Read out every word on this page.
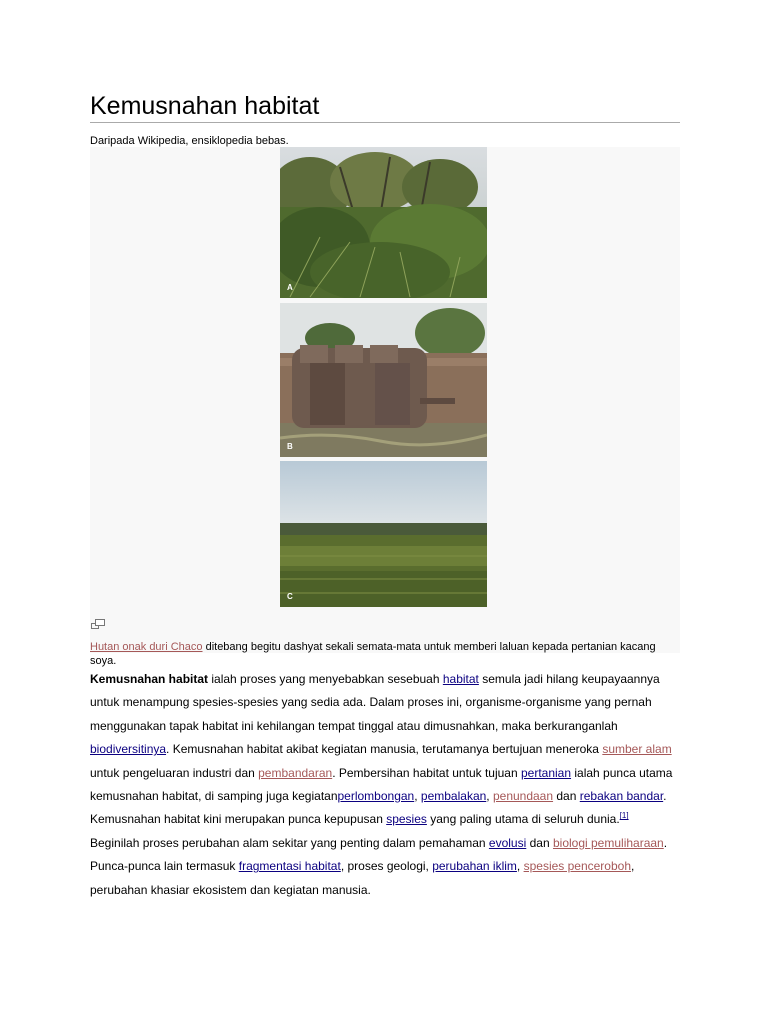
Kemusnahan habitat
Daripada Wikipedia, ensiklopedia bebas.
A
B
C
Hutan onak duri Chaco ditebang begitu dashyat sekali semata-mata untuk memberi laluan kepada pertanian kacang soya.

Kemusnahan habitat ialah proses yang menyebabkan sesebuah habitat semula jadi hilang keupayaannya untuk menampung spesies-spesies yang sedia ada. Dalam proses ini, organisme-organisme yang pernah menggunakan tapak habitat ini kehilangan tempat tinggal atau dimusnahkan, maka berkuranganlah biodiversitinya. Kemusnahan habitat akibat kegiatan manusia, terutamanya bertujuan meneroka sumber alam untuk pengeluaran industri dan pembandaran. Pembersihan habitat untuk tujuan pertanian ialah punca utama kemusnahan habitat, di samping juga kegiatanperlombongan, pembalakan, penundaan dan rebakan bandar. Kemusnahan habitat kini merupakan punca kepupusan spesies yang paling utama di seluruh dunia.[1] Beginilah proses perubahan alam sekitar yang penting dalam pemahaman evolusi dan biologi pemuliharaan. Punca-punca lain termasuk fragmentasi habitat, proses geologi, perubahan iklim, spesies penceroboh, perubahan khasiar ekosistem dan kegiatan manusia.
